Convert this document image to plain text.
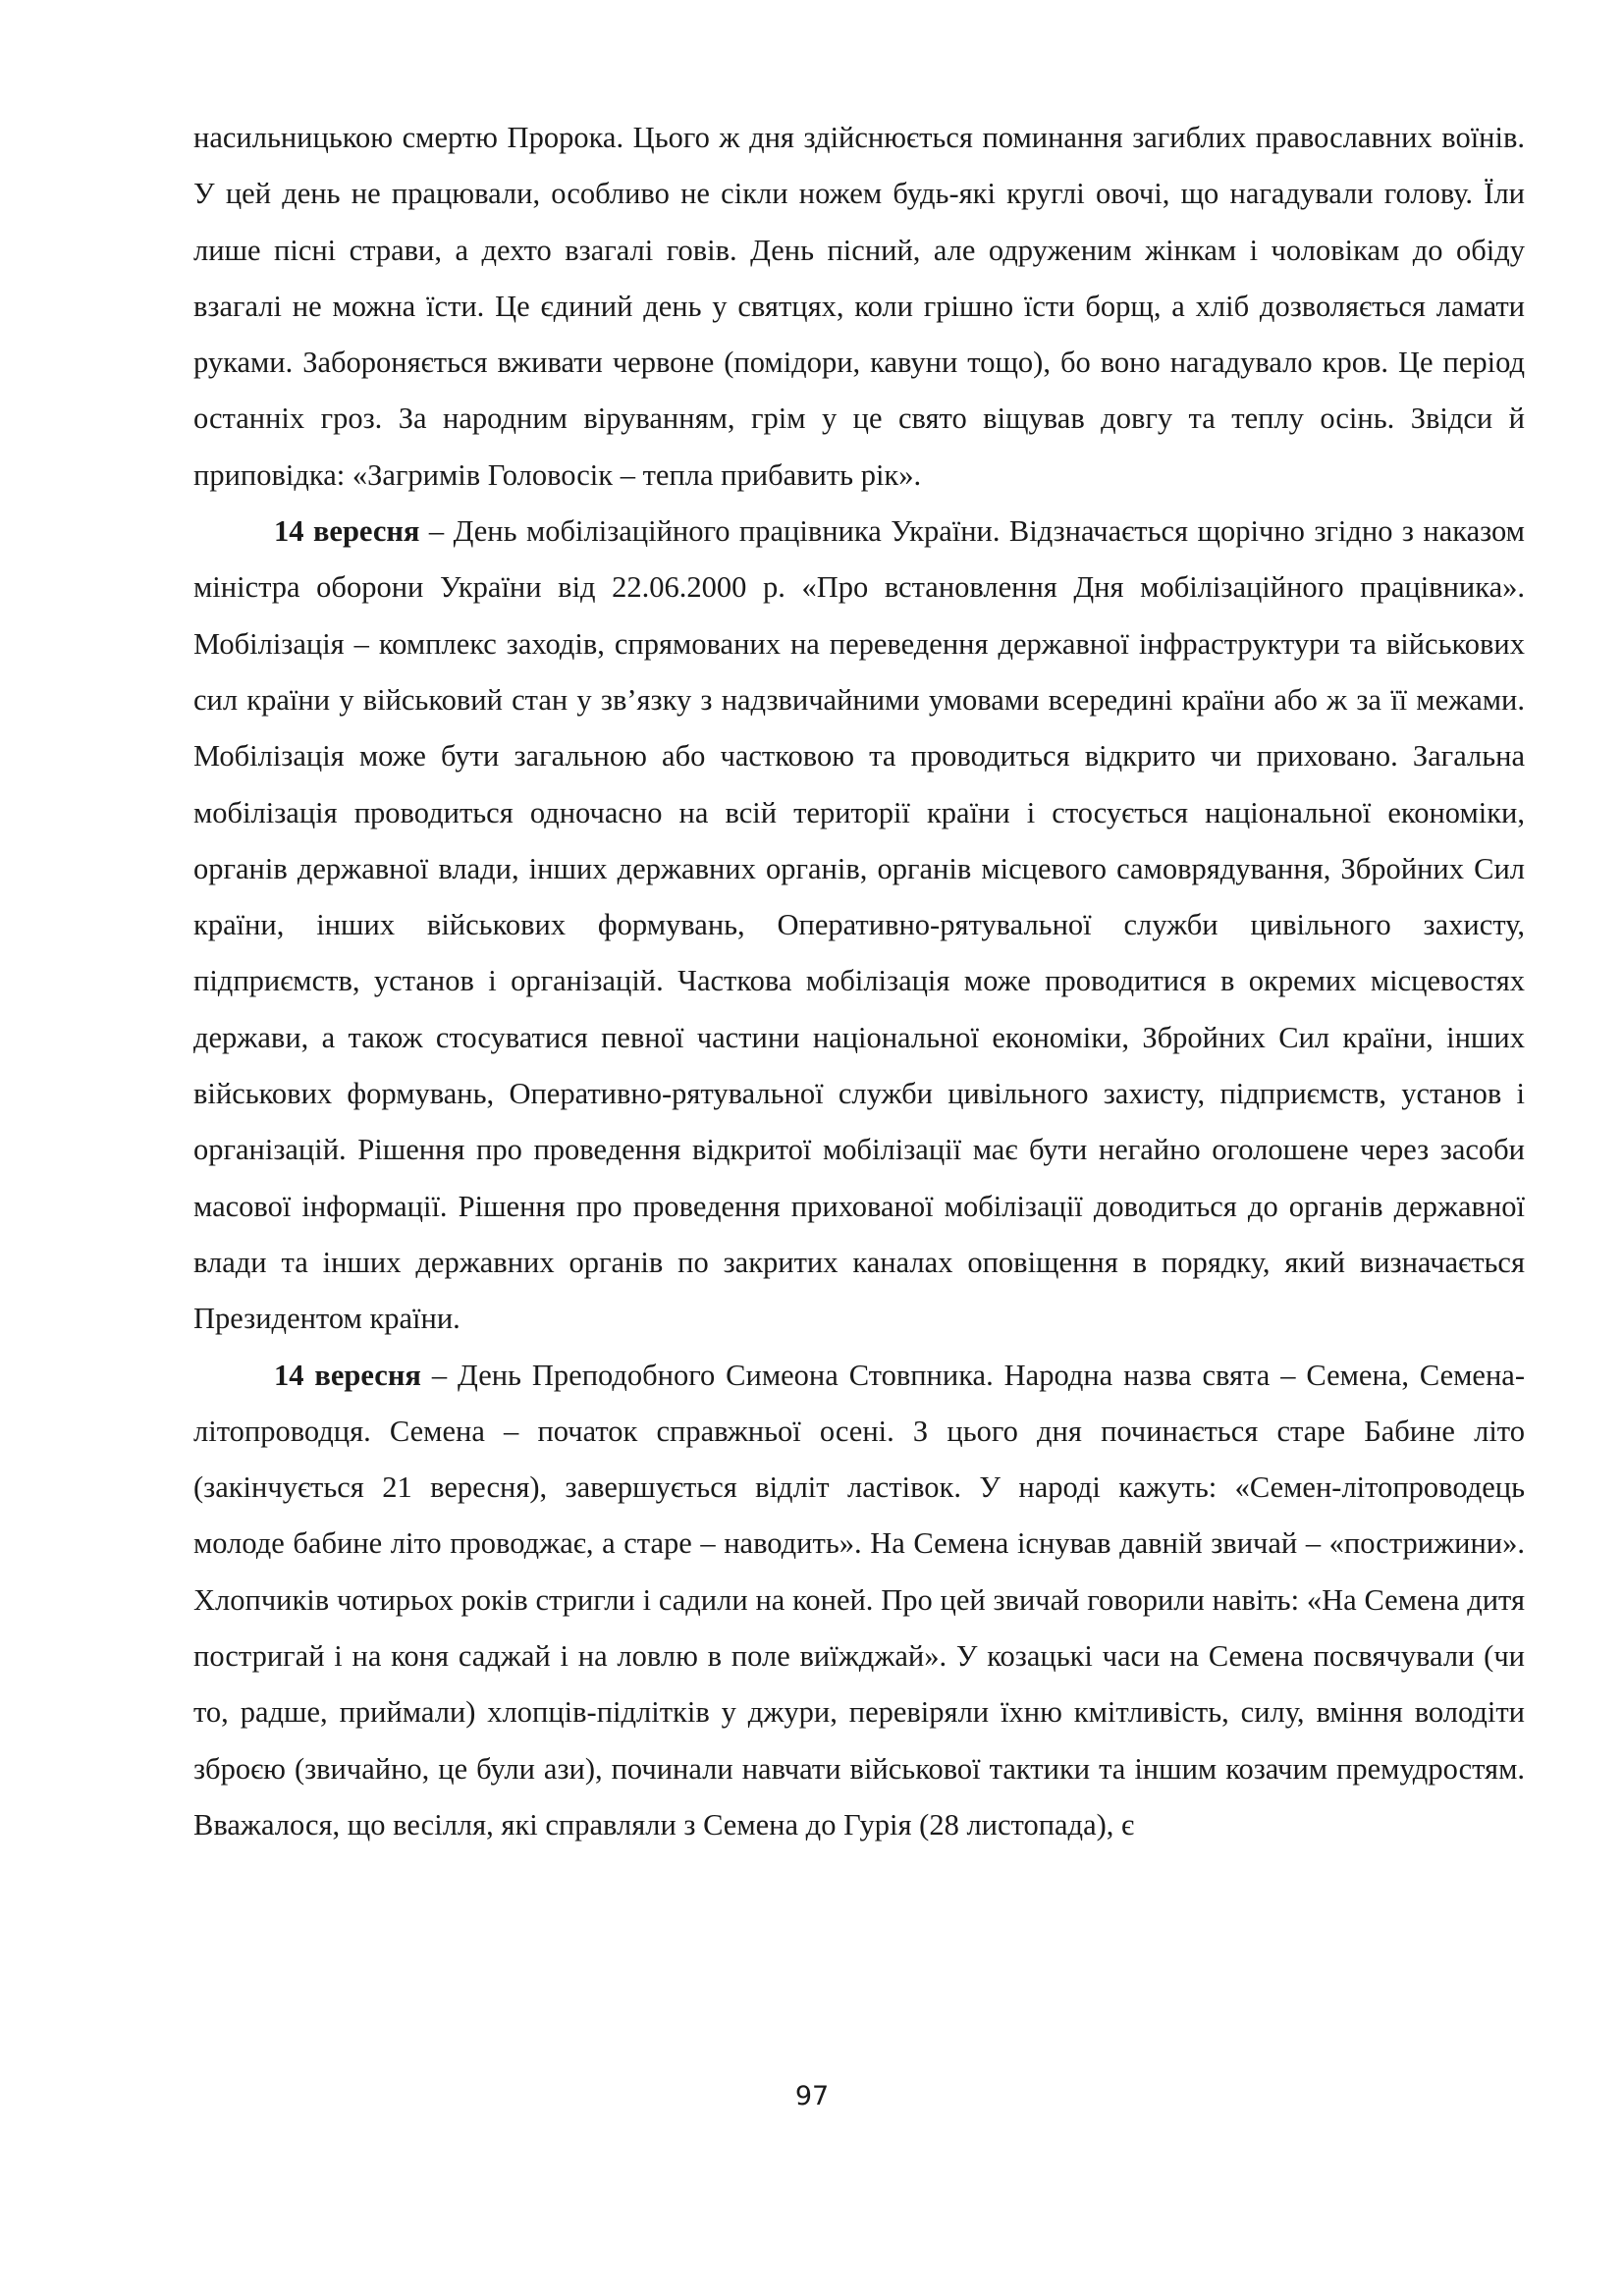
насильницькою смертю Пророка. Цього ж дня здійснюється поминання загиблих православних воїнів. У цей день не працювали, особливо не сікли ножем будь-які круглі овочі, що нагадували голову. Їли лише пісні страви, а дехто взагалі говів. День пісний, але одруженим жінкам і чоловікам до обіду взагалі не можна їсти. Це єдиний день у святцях, коли грішно їсти борщ, а хліб дозволяється ламати руками. Забороняється вживати червоне (помідори, кавуни тощо), бо воно нагадувало кров. Це період останніх гроз. За народним віруванням, грім у це свято віщував довгу та теплу осінь. Звідси й приповідка: «Загримів Головосік – тепла прибавить рік».

14 вересня – День мобілізаційного працівника України. Відзначається щорічно згідно з наказом міністра оборони України від 22.06.2000 р. «Про встановлення Дня мобілізаційного працівника». Мобілізація – комплекс заходів, спрямованих на переведення державної інфраструктури та військових сил країни у військовий стан у зв’язку з надзвичайними умовами всередині країни або ж за її межами. Мобілізація може бути загальною або частковою та проводиться відкрито чи приховано. Загальна мобілізація проводиться одночасно на всій території країни і стосується національної економіки, органів державної влади, інших державних органів, органів місцевого самоврядування, Збройних Сил країни, інших військових формувань, Оперативно-рятувальної служби цивільного захисту, підприємств, установ і організацій. Часткова мобілізація може проводитися в окремих місцевостях держави, а також стосуватися певної частини національної економіки, Збройних Сил країни, інших військових формувань, Оперативно-рятувальної служби цивільного захисту, підприємств, установ і організацій. Рішення про проведення відкритої мобілізації має бути негайно оголошене через засоби масової інформації. Рішення про проведення прихованої мобілізації доводиться до органів державної влади та інших державних органів по закритих каналах оповіщення в порядку, який визначається Президентом країни.

14 вересня – День Преподобного Симеона Стовпника. Народна назва свята – Семена, Семена-літопроводця. Семена – початок справжньої осені. З цього дня починається старе Бабине літо (закінчується 21 вересня), завершується відліт ластівок. У народі кажуть: «Семен-літопроводець молоде бабине літо проводжає, а старе – наводить». На Семена існував давній звичай – «пострижини». Хлопчиків чотирьох років стригли і садили на коней. Про цей звичай говорили навіть: «На Семена дитя постригай і на коня саджай і на ловлю в поле виїжджай». У козацькі часи на Семена посвячували (чи то, радше, приймали) хлопців-підлітків у джури, перевіряли їхню кмітливість, силу, вміння володіти зброєю (звичайно, це були ази), починали навчати військової тактики та іншим козачим премудростям. Вважалося, що весілля, які справляли з Семена до Гурія (28 листопада), є

97
